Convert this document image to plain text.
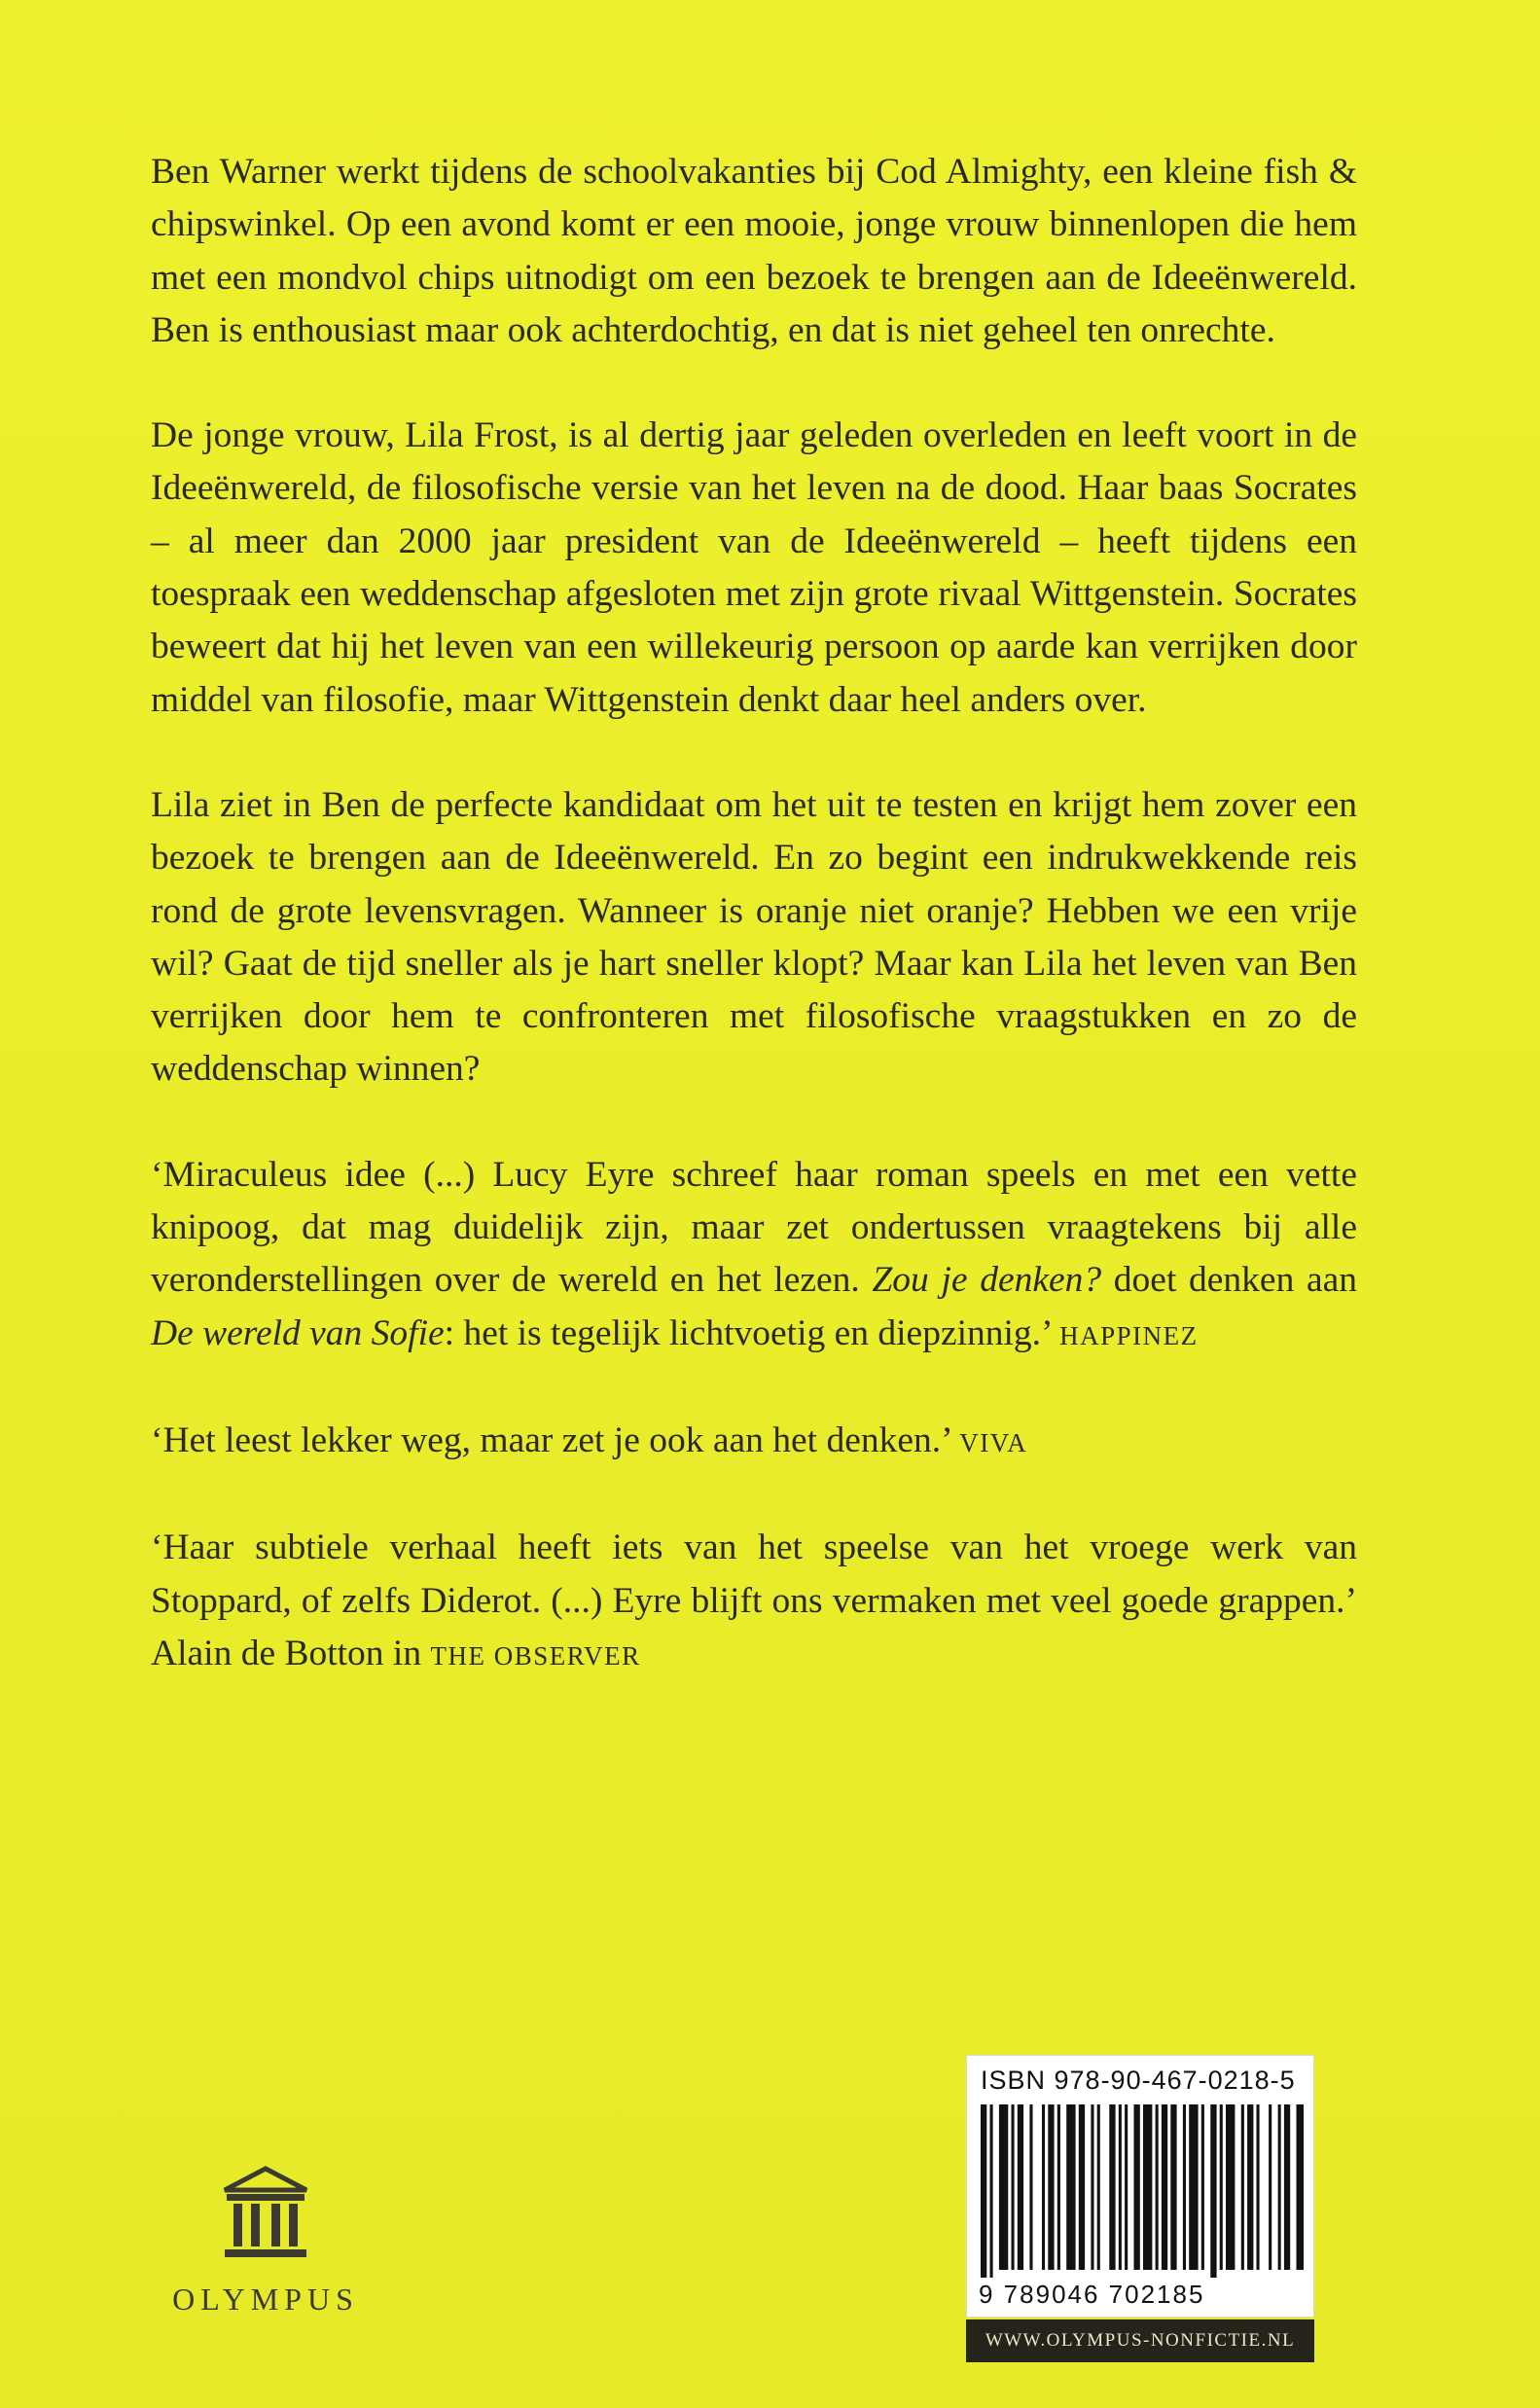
Ben Warner werkt tijdens de schoolvakanties bij Cod Almighty, een kleine fish & chipswinkel. Op een avond komt er een mooie, jonge vrouw binnenlopen die hem met een mondvol chips uitnodigt om een bezoek te brengen aan de Ideeënwereld. Ben is enthousiast maar ook achterdochtig, en dat is niet geheel ten onrechte.

De jonge vrouw, Lila Frost, is al dertig jaar geleden overleden en leeft voort in de Ideeënwereld, de filosofische versie van het leven na de dood. Haar baas Socrates – al meer dan 2000 jaar president van de Ideeënwereld – heeft tijdens een toespraak een weddenschap afgesloten met zijn grote rivaal Wittgenstein. Socrates beweert dat hij het leven van een willekeurig persoon op aarde kan verrijken door middel van filosofie, maar Wittgenstein denkt daar heel anders over.

Lila ziet in Ben de perfecte kandidaat om het uit te testen en krijgt hem zover een bezoek te brengen aan de Ideeënwereld. En zo begint een indrukwekkende reis rond de grote levensvragen. Wanneer is oranje niet oranje? Hebben we een vrije wil? Gaat de tijd sneller als je hart sneller klopt? Maar kan Lila het leven van Ben verrijken door hem te confronteren met filosofische vraagstukken en zo de weddenschap winnen?

‘Miraculeus idee (...) Lucy Eyre schreef haar roman speels en met een vette knipoog, dat mag duidelijk zijn, maar zet ondertussen vraagtekens bij alle veronderstellingen over de wereld en het lezen. Zou je denken? doet denken aan De wereld van Sofie: het is tegelijk lichtvoetig en diepzinnig.’ HAPPINEZ

‘Het leest lekker weg, maar zet je ook aan het denken.’ VIVA

‘Haar subtiele verhaal heeft iets van het speelse van het vroege werk van Stoppard, of zelfs Diderot. (...) Eyre blijft ons vermaken met veel goede grappen.’ Alain de Botton in THE OBSERVER

OLYMPUS
ISBN 978-90-467-0218-5
9 789046 702185
WWW.OLYMPUS-NONFICTIE.NL
